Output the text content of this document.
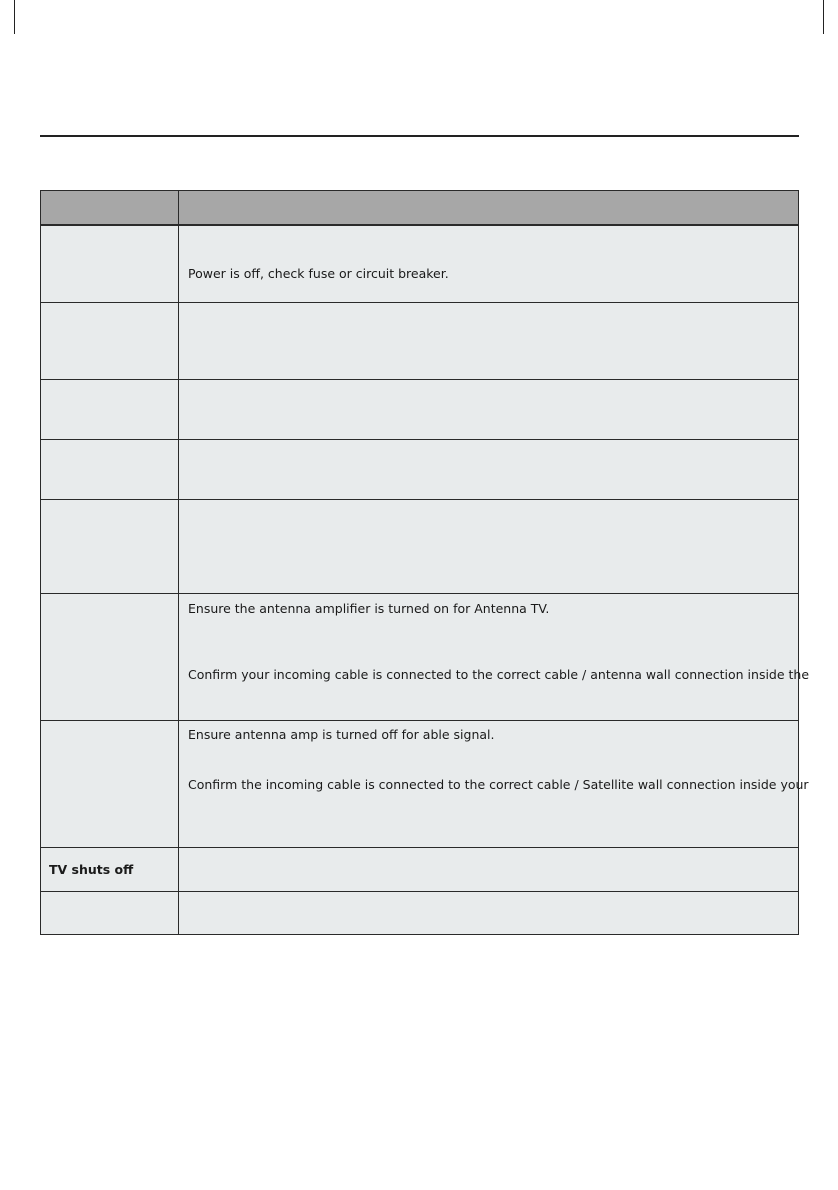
	Power is off, check fuse or circuit breaker.

	Ensure the antenna amplifier is turned on for Antenna TV.

Confirm your incoming cable is connected to the correct cable / antenna wall connection inside the

	Ensure antenna amp is turned off for able signal.

Confirm the incoming cable is connected to the correct cable / Satellite wall connection inside your

TV shuts off	
